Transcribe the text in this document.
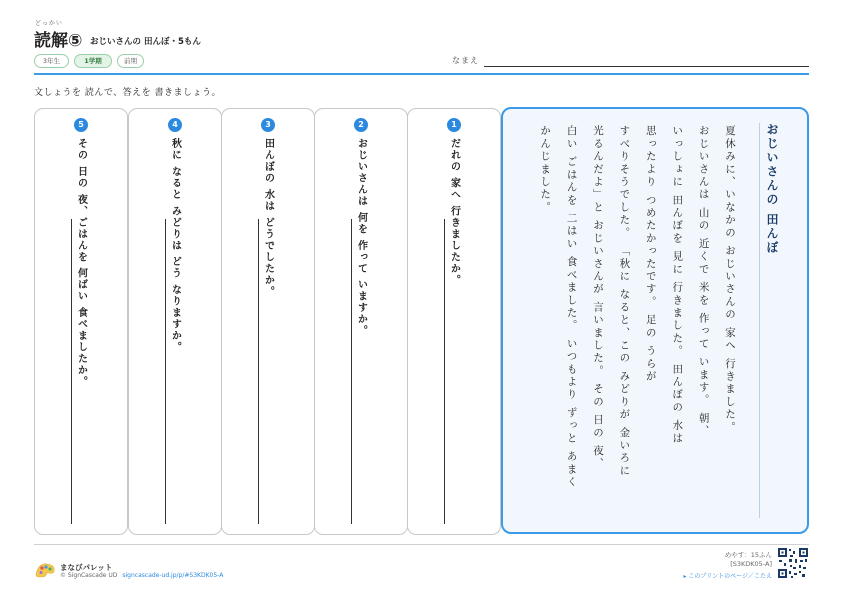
どっかい
読解⑤ おじいさんの 田んぼ・5もん
3年生	1学期	前期	なまえ
文しょうを 読んで、答えを 書きましょう。
1
だれの 家へ 行きましたか。
2
おじいさんは 何を 作って いますか。
3
田んぼの 水は どうでしたか。
4
秋に なると みどりは どう なりますか。
5
その 日の 夜、ごはんを 何ばい 食べましたか。	おじいさんの 田んぼ
夏休みに、いなかの おじいさんの 家へ 行きました。
おじいさんは 山の 近くで 米を 作って います。 朝、
いっしょに 田んぼを 見に 行きました。 田んぼの 水は
思ったより つめたかったです。 足の うらが
すべりそうでした。 「秋に なると、この みどりが 金いろに
光るんだよ」と おじいさんが 言いました。 その 日の 夜、
白い ごはんを 二はい 食べました。 いつもより ずっと あまく
かんじました。
まなびパレット
© SignCascade UD signcascade-ud.jp/p/#S3KDK05-A
めやす：15ふん
[S3KDK05-A]
▸ このプリントのページ／こたえ
